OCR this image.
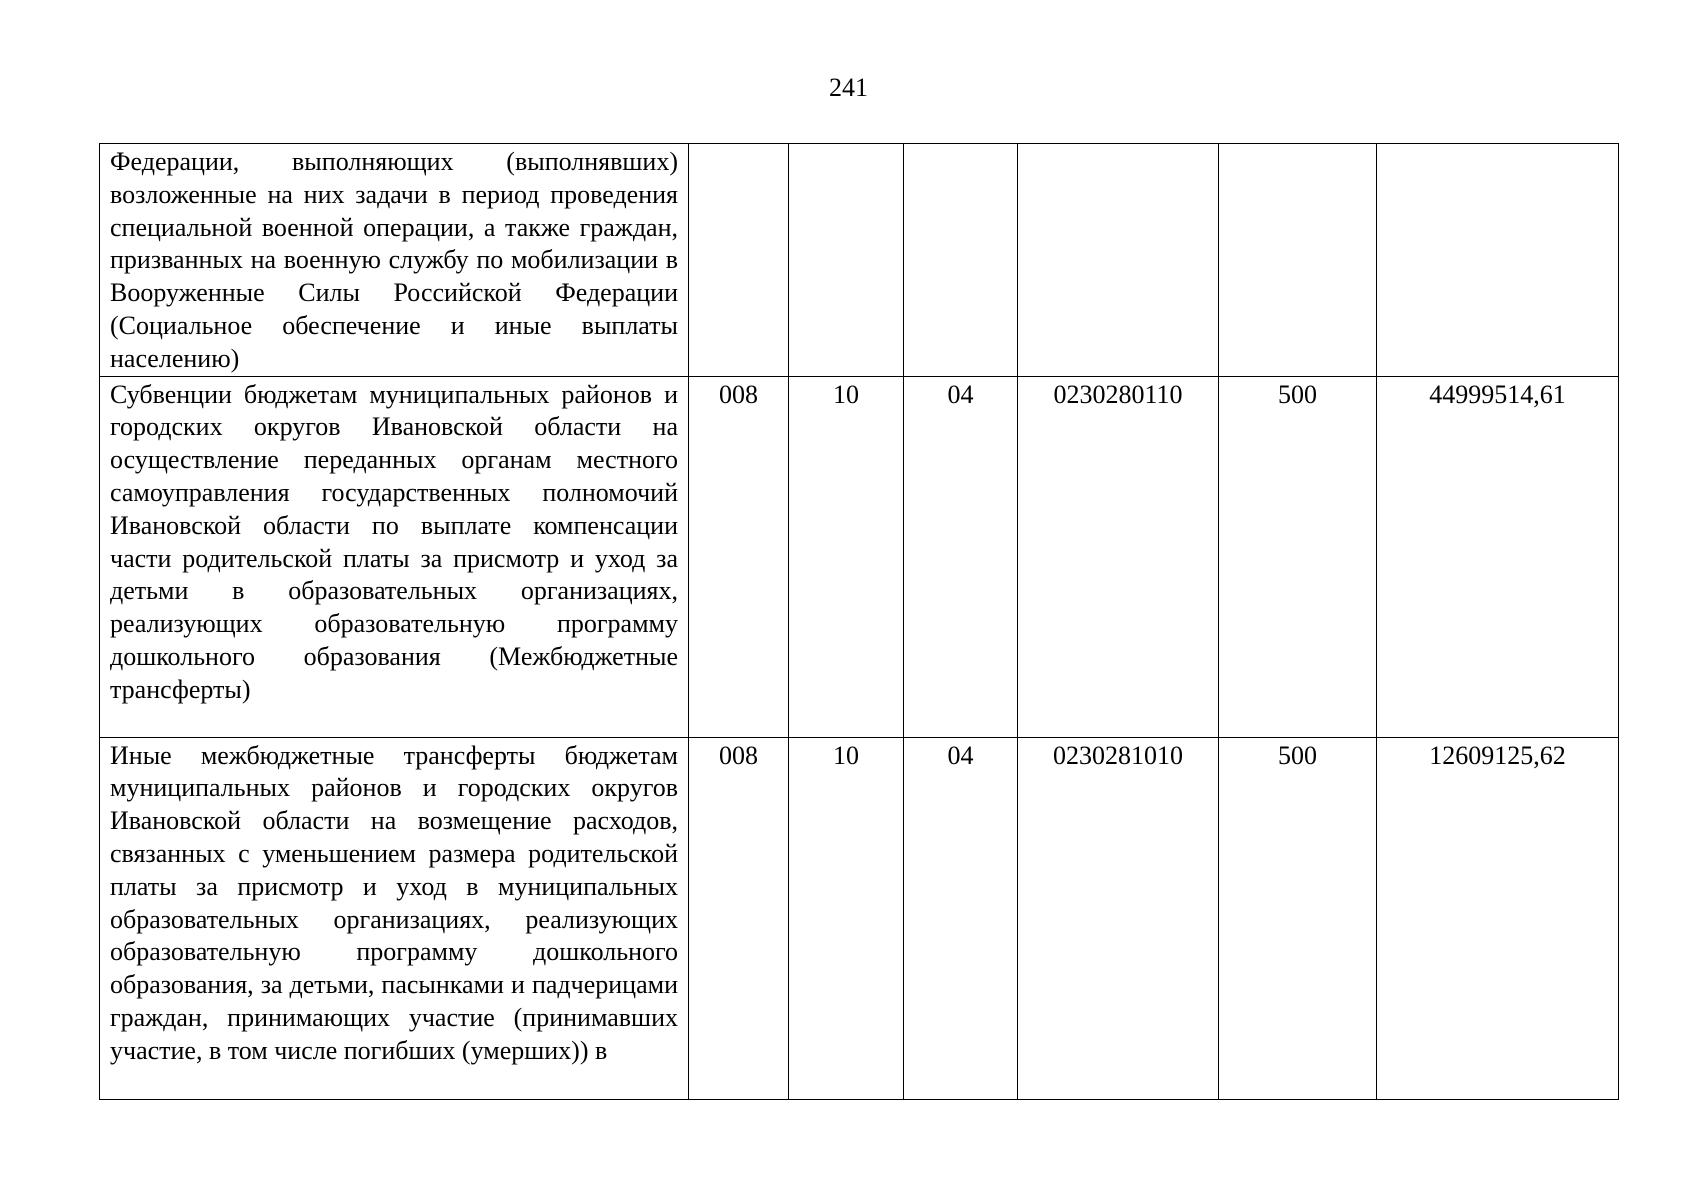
241
Федерации, выполняющих (выполнявших) возложенные на них задачи в период проведения специальной военной операции, а также граждан, призванных на военную службу по мобилизации в Вооруженные Силы Российской Федерации (Социальное обеспечение и иные выплаты населению)						
Субвенции бюджетам муниципальных районов и городских округов Ивановской области на осуществление переданных органам местного самоуправления государственных полномочий Ивановской области по выплате компенсации части родительской платы за присмотр и уход за детьми в образовательных организациях, реализующих образовательную программу дошкольного образования (Межбюджетные трансферты)	008	10	04	0230280110	500	44999514,61
Иные межбюджетные трансферты бюджетам муниципальных районов и городских округов Ивановской области на возмещение расходов, связанных с уменьшением размера родительской платы за присмотр и уход в муниципальных образовательных организациях, реализующих образовательную программу дошкольного образования, за детьми, пасынками и падчерицами граждан, принимающих участие (принимавших участие, в том числе погибших (умерших)) в	008	10	04	0230281010	500	12609125,62
